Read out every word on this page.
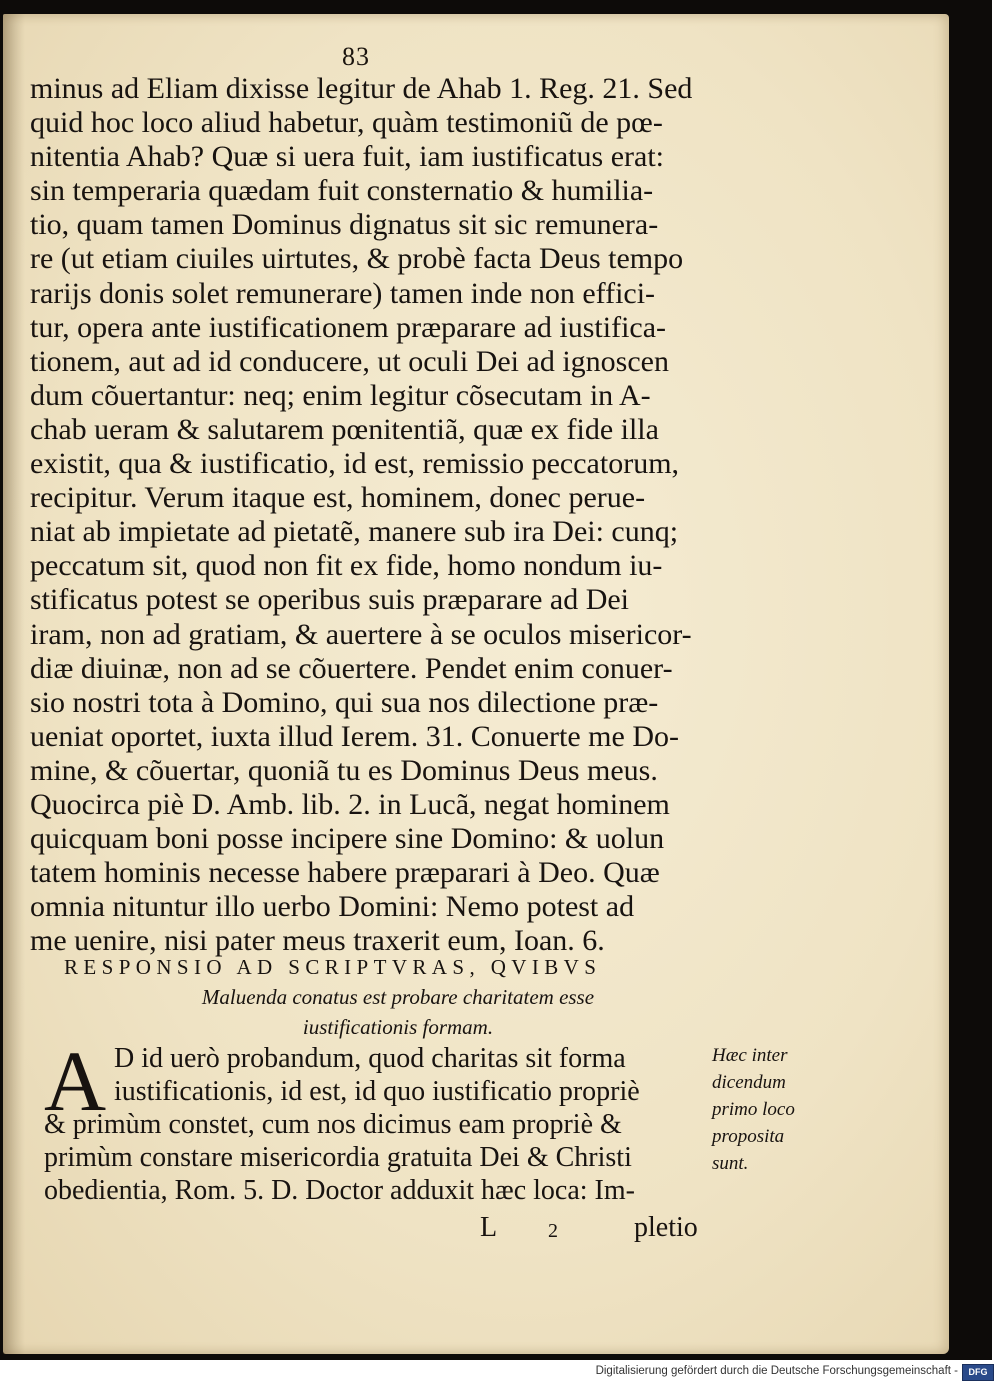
83
minus ad Eliam dixisse legitur de Ahab 1. Reg. 21. Sed
quid hoc loco aliud habetur, quàm testimoniũ de pœ-
nitentia Ahab? Quæ si uera fuit, iam iustificatus erat:
sin temperaria quædam fuit consternatio & humilia-
tio, quam tamen Dominus dignatus sit sic remunera-
re (ut etiam ciuiles uirtutes, & probè facta Deus tempo
rarijs donis solet remunerare) tamen inde non effici-
tur, opera ante iustificationem præparare ad iustifica-
tionem, aut ad id conducere, ut oculi Dei ad ignoscen
dum cõuertantur: neq; enim legitur cõsecutam in A-
chab ueram & salutarem pœnitentiã, quæ ex fide illa
existit, qua & iustificatio, id est, remissio peccatorum,
recipitur. Verum itaque est, hominem, donec perue-
niat ab impietate ad pietatẽ, manere sub ira Dei: cunq;
peccatum sit, quod non fit ex fide, homo nondum iu-
stificatus potest se operibus suis præparare ad Dei
iram, non ad gratiam, & auertere à se oculos misericor-
diæ diuinæ, non ad se cõuertere. Pendet enim conuer-
sio nostri tota à Domino, qui sua nos dilectione præ-
ueniat oportet, iuxta illud Ierem. 31. Conuerte me Do-
mine, & cõuertar, quoniã tu es Dominus Deus meus.
Quocirca piè D. Amb. lib. 2. in Lucã, negat hominem
quicquam boni posse incipere sine Domino: & uolun
tatem hominis necesse habere præparari à Deo. Quæ
omnia nituntur illo uerbo Domini: Nemo potest ad
me uenire, nisi pater meus traxerit eum, Ioan. 6.
RESPONSIO AD SCRIPTVRAS, QVIBVS
Maluenda conatus est probare charitatem esse
iustificationis formam.
A D id uerò probandum, quod charitas sit forma
iustificationis, id est, id quo iustificatio propriè
& primùm constet, cum nos dicimus eam propriè &
primùm constare misericordia gratuita Dei & Christi
obedientia, Rom. 5. D. Doctor adduxit hæc loca: Im-
Hæc inter
dicendum
primo loco
proposita
sunt.
L	2	pletio
Digitalisierung gefördert durch die Deutsche Forschungsgemeinschaft -	DFG
